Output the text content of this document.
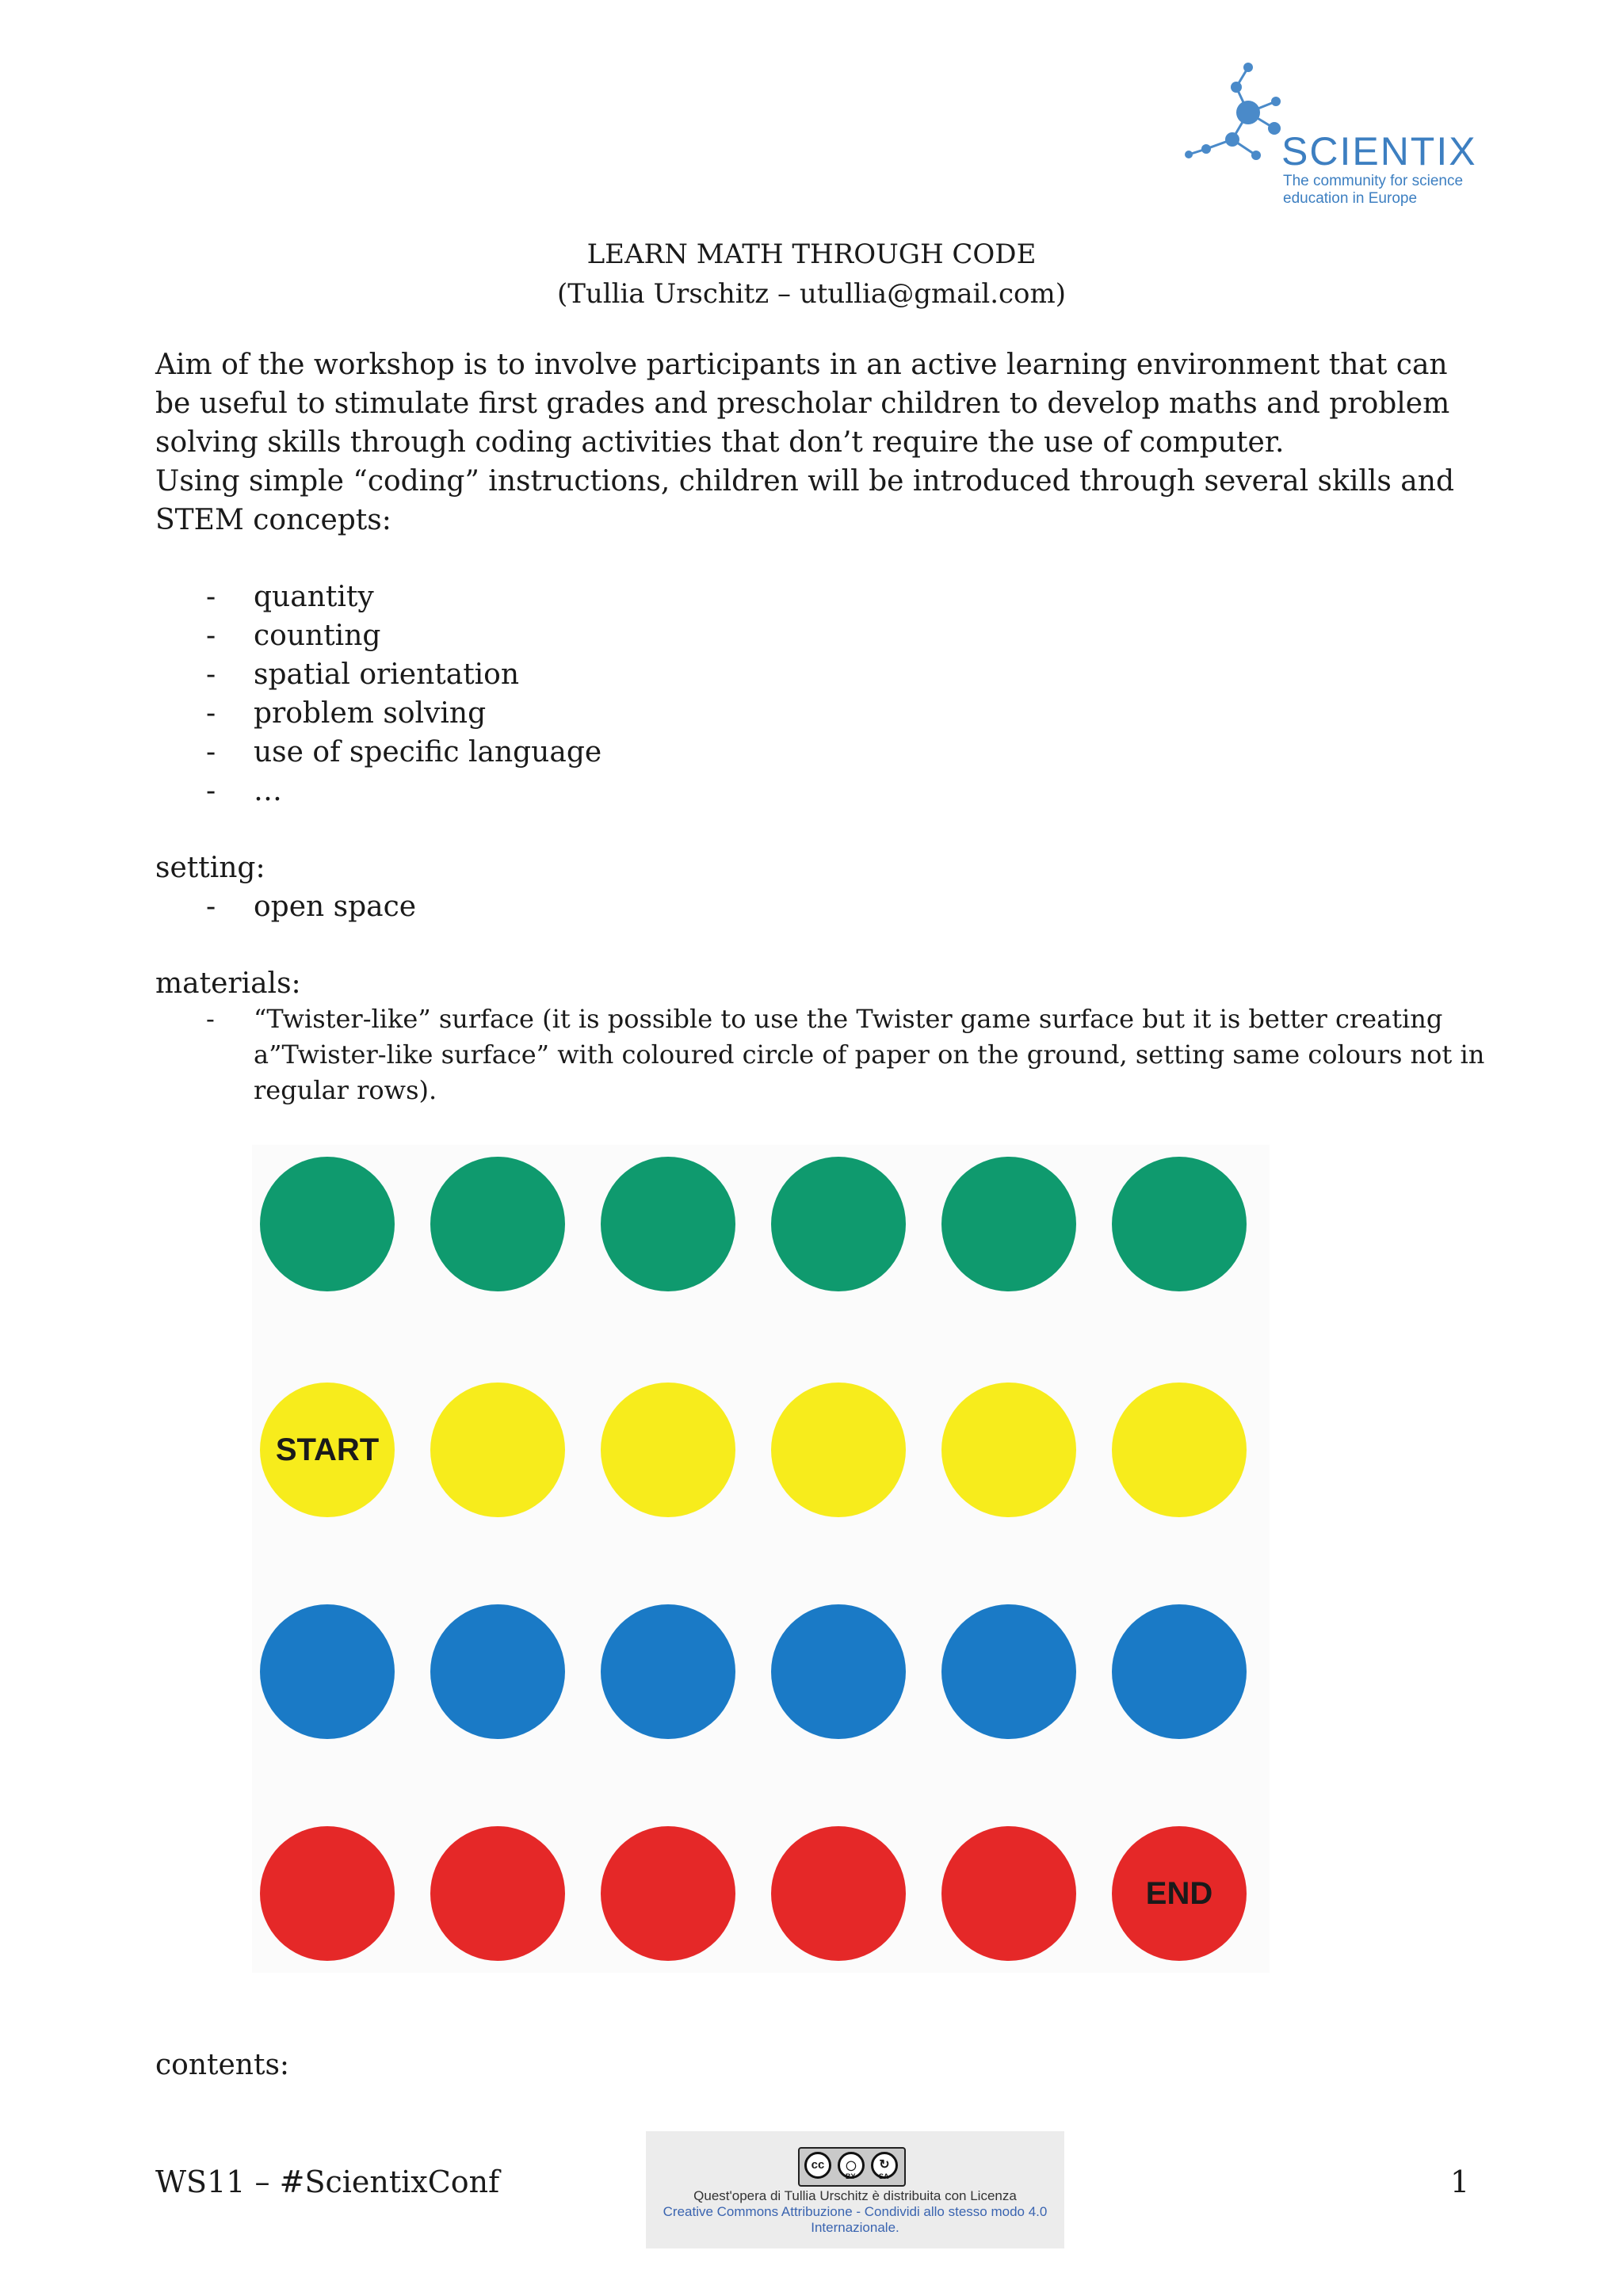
SCIENTIX
The community for science education in Europe
LEARN MATH THROUGH CODE
(Tullia Urschitz – utullia@gmail.com)

Aim of the workshop is to involve participants in an active learning environment that can be useful to stimulate first grades and prescholar children to develop maths and problem solving skills through coding activities that don’t require the use of computer.

Using simple “coding” instructions, children will be introduced through several skills and STEM concepts:

- quantity
- counting
- spatial orientation
- problem solving
- use of specific language
- …
setting:
- open space
materials:
- “Twister-like” surface (it is possible to use the Twister game surface but it is better creating a”Twister-like surface” with coloured circle of paper on the ground, setting same colours not in regular rows).
START
END
contents:
WS11 – #ScientixConf	cc	◯	↻
BY	SA
Quest'opera di Tullia Urschitz è distribuita con Licenza
Creative Commons Attribuzione - Condividi allo stesso modo 4.0 Internazionale.
1
